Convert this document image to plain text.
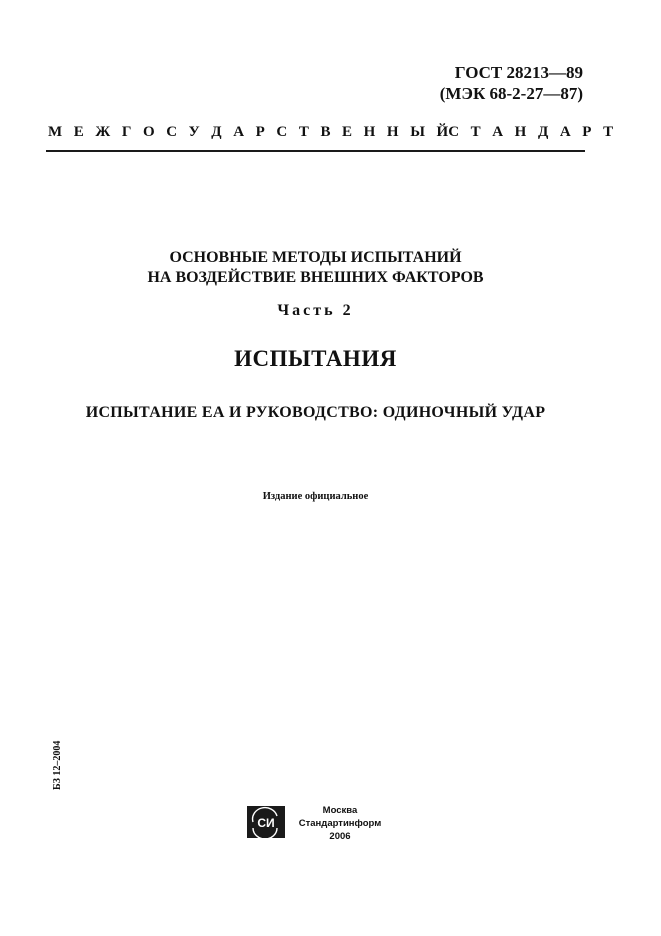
ГОСТ 28213—89
(МЭК 68-2-27—87)
М Е Ж Г О С У Д А Р С Т В Е Н Н Ы Й С Т А Н Д А Р Т
ОСНОВНЫЕ МЕТОДЫ ИСПЫТАНИЙ
НА ВОЗДЕЙСТВИЕ ВНЕШНИХ ФАКТОРОВ
Часть 2
ИСПЫТАНИЯ
ИСПЫТАНИЕ ЕА И РУКОВОДСТВО: ОДИНОЧНЫЙ УДАР
Издание официальное
БЗ 12–2004
СИ
Москва
Стандартинформ
2006
